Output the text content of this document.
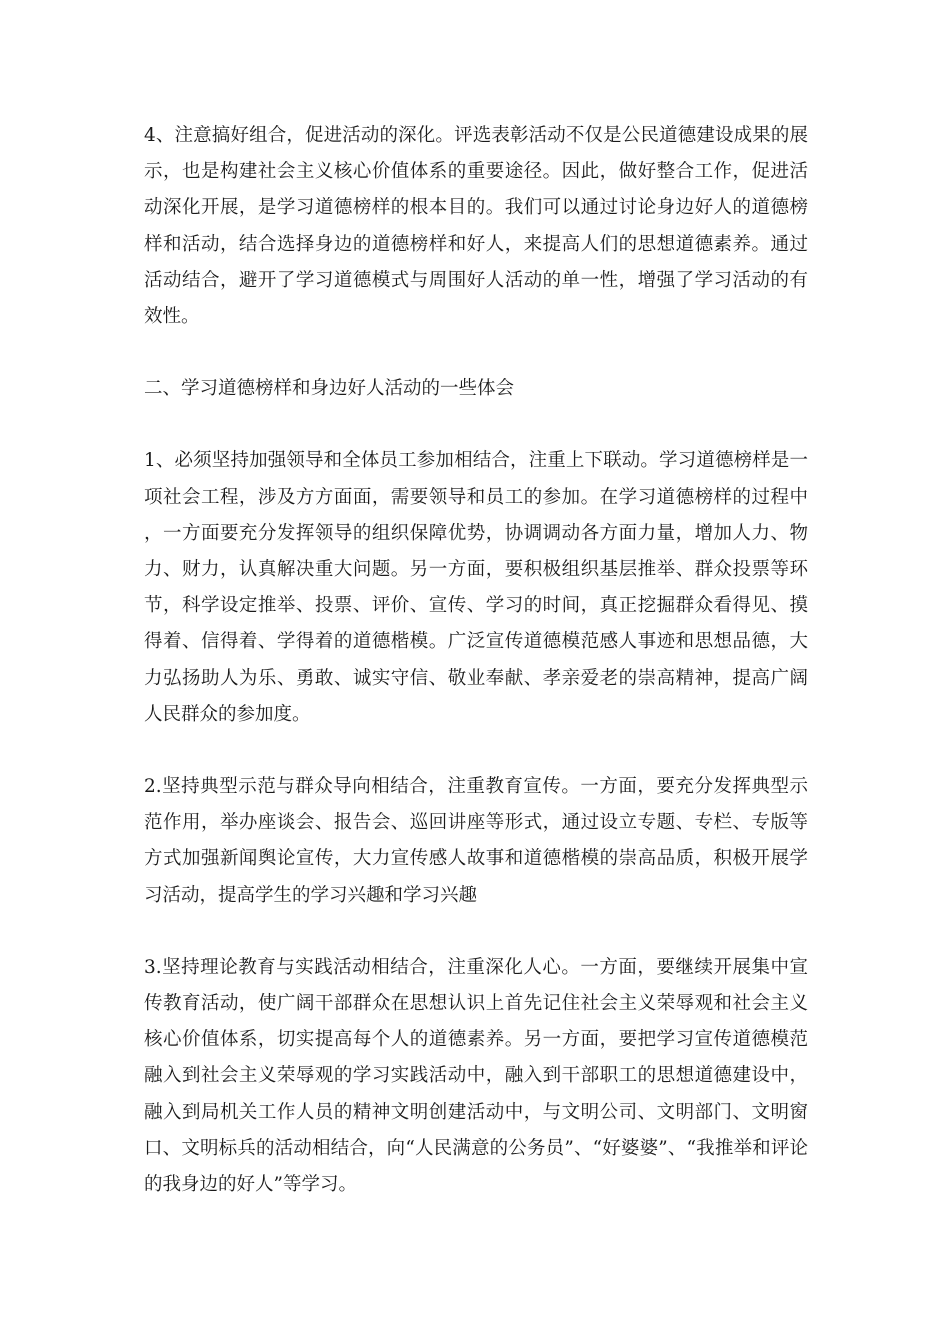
4、注意搞好组合，促进活动的深化。评选表彰活动不仅是公民道德建设成果的展示，也是构建社会主义核心价值体系的重要途径。因此，做好整合工作，促进活动深化开展，是学习道德榜样的根本目的。我们可以通过讨论身边好人的道德榜样和活动，结合选择身边的道德榜样和好人，来提高人们的思想道德素养。通过活动结合，避开了学习道德模式与周围好人活动的单一性，增强了学习活动的有效性。

二、学习道德榜样和身边好人活动的一些体会

1、必须坚持加强领导和全体员工参加相结合，注重上下联动。学习道德榜样是一项社会工程，涉及方方面面，需要领导和员工的参加。在学习道德榜样的过程中，一方面要充分发挥领导的组织保障优势，协调调动各方面力量，增加人力、物力、财力，认真解决重大问题。另一方面，要积极组织基层推举、群众投票等环节，科学设定推举、投票、评价、宣传、学习的时间，真正挖掘群众看得见、摸得着、信得着、学得着的道德楷模。广泛宣传道德模范感人事迹和思想品德，大力弘扬助人为乐、勇敢、诚实守信、敬业奉献、孝亲爱老的崇高精神，提高广阔人民群众的参加度。

2.坚持典型示范与群众导向相结合，注重教育宣传。一方面，要充分发挥典型示范作用，举办座谈会、报告会、巡回讲座等形式，通过设立专题、专栏、专版等方式加强新闻舆论宣传，大力宣传感人故事和道德楷模的崇高品质，积极开展学习活动，提高学生的学习兴趣和学习兴趣

3.坚持理论教育与实践活动相结合，注重深化人心。一方面，要继续开展集中宣传教育活动，使广阔干部群众在思想认识上首先记住社会主义荣辱观和社会主义核心价值体系，切实提高每个人的道德素养。另一方面，要把学习宣传道德模范融入到社会主义荣辱观的学习实践活动中，融入到干部职工的思想道德建设中，融入到局机关工作人员的精神文明创建活动中，与文明公司、文明部门、文明窗口、文明标兵的活动相结合，向“人民满意的公务员”、“好婆婆”、“我推举和评论的我身边的好人”等学习。
